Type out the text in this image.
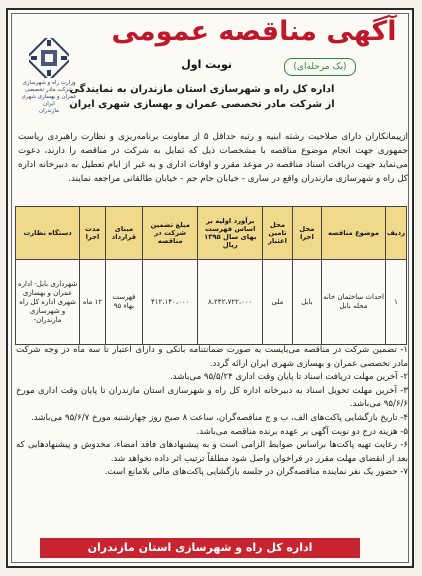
وزارت راه و شهرسازی
شرکت مادر تخصصی عمران و بهسازی شهری ایران
مازندران
آگهی مناقصه عمومی
(یک مرحله‌ای)
نوبت اول
اداره کل راه و شهرسازی استان مازندران به نمایندگی
از شرکت مادر تخصصی عمران و بهسازی شهری ایران
ازپیمانکاران دارای صلاحیت رشته ابنیه و رتبه حداقل ۵ از معاونت برنامه‌ریزی و نظارت راهبردی ریاست جمهوری جهت انجام موضوع مناقصه با مشخصات ذیل که تمایل به شرکت در مناقصه را دارند، دعوت می‌نماید جهت دریافت اسناد مناقصه در موعد مقرر و اوقات اداری و به غیر از ایام تعطیل به دبیرخانه اداره کل راه و شهرسازی مازندران واقع در ساری - خیابان جام جم - خیابان طالقانی مراجعه نمایند.
ردیف	موضوع مناقصه	محل اجرا	محل تامین اعتبار	برآورد اولیه بر اساس فهرست بهای سال ۱۳۹۵ ریال	مبلغ تضمین شرکت در مناقصه	مبنای قرارداد	مدت اجرا	دستگاه نظارت
۱	احداث ساختمان خانه محله بابل	بابل	ملی	۸،۲۴۲،۷۲۲،۰۰۰	۴۱۲،۱۴۰،۰۰۰	فهرست بهاء ۹۵	۱۲ ماه	شهرداری بابل- اداره عمران و بهسازی شهری اداره کل راه و شهرسازی مازندران-

۱- تضمین شرکت در مناقصه می‌بایست به صورت ضمانتنامه بانکی و دارای اعتبار تا سه ماه در وجه شرکت مادر تخصصی عمران و بهسازی شهری ایران ارائه گردد.

۲- آخرین مهلت دریافت اسناد تا پایان وقت اداری ۹۵/۵/۲۴ می‌باشد.

۳- آخرین مهلت تحویل اسناد به دبیرخانه اداره کل راه و شهرسازی استان مازندران تا پایان وقت اداری مورخ ۹۵/۶/۶ می‌باشد.

۴- تاریخ بازگشایی پاکت‌های الف، ب و ج مناقصه‌گران، ساعت ۸ صبح روز چهارشنبه مورخ ۹۵/۶/۷ می‌باشد.

۵- هزینه درج دو نوبت آگهی بر عهده برنده مناقصه می‌باشد.

۶- رعایت تهیه پاکت‌ها براساس ضوابط الزامی است و به پیشنهادهای فاقد امضاء، مخدوش و پیشنهادهایی که بعد از انقضای مهلت مقرر در فراخوان واصل شود مطلقاً ترتیب اثر داده نخواهد شد.

۷- حضور یک نفر نماینده مناقصه‌گران در جلسه بازگشایی پاکت‌های مالی بلامانع است.

اداره کل راه و شهرسازی استان مازندران
